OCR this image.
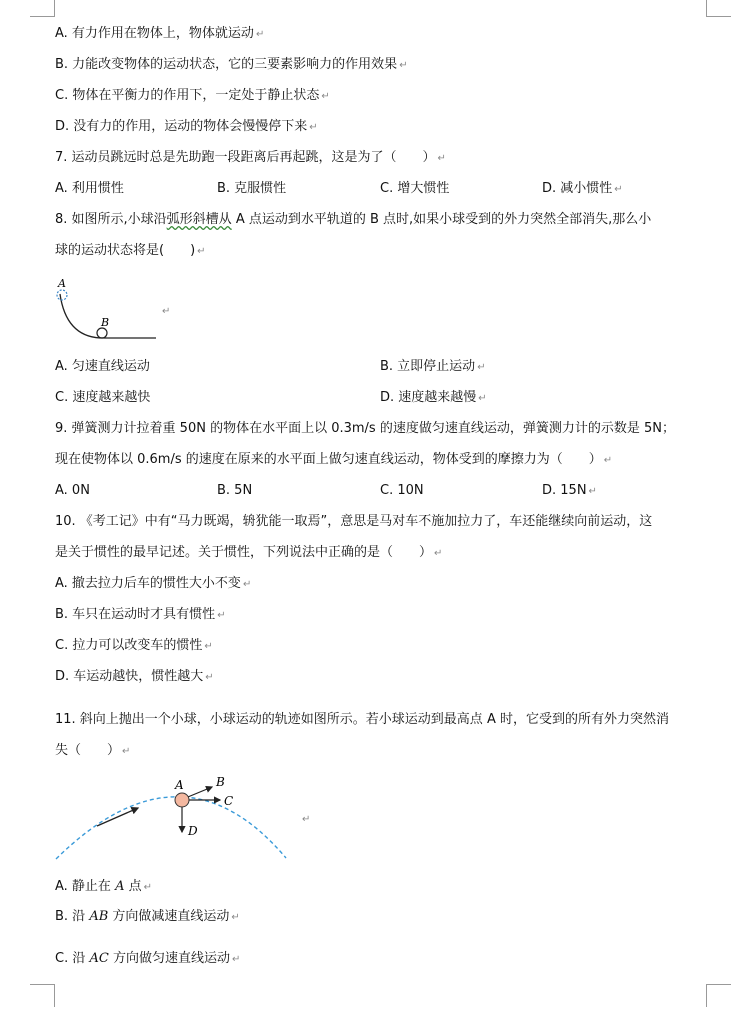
A. 有力作用在物体上，物体就运动 ↵
B. 力能改变物体的运动状态，它的三要素影响力的作用效果 ↵
C. 物体在平衡力的作用下，一定处于静止状态 ↵
D. 没有力的作用，运动的物体会慢慢停下来 ↵
7. 运动员跳远时总是先助跑一段距离后再起跳，这是为了（　　） ↵
A. 利用惯性	B. 克服惯性	C. 增大惯性	D. 减小惯性 ↵
8. 如图所示,小球沿弧形斜槽从 A 点运动到水平轨道的 B 点时,如果小球受到的外力突然全部消失,那么小
球的运动状态将是(　　) ↵
A
B
↵
A. 匀速直线运动	B. 立即停止运动 ↵
C. 速度越来越快	D. 速度越来越慢 ↵
9. 弹簧测力计拉着重 50N 的物体在水平面上以 0.3m/s 的速度做匀速直线运动，弹簧测力计的示数是 5N；
现在使物体以 0.6m/s 的速度在原来的水平面上做匀速直线运动，物体受到的摩擦力为（　　） ↵
A. 0N	B. 5N	C. 10N	D. 15N ↵
10. 《考工记》中有“马力既竭，辀犹能一取焉”，意思是马对车不施加拉力了，车还能继续向前运动，这
是关于惯性的最早记述。关于惯性，下列说法中正确的是（　　） ↵
A. 撤去拉力后车的惯性大小不变 ↵
B. 车只在运动时才具有惯性 ↵
C. 拉力可以改变车的惯性 ↵
D. 车运动越快，惯性越大 ↵
11. 斜向上抛出一个小球，小球运动的轨迹如图所示。若小球运动到最高点 A 时，它受到的所有外力突然消
失（　　） ↵
A	B
C
D
↵
A. 静止在 A 点 ↵
B. 沿 AB 方向做减速直线运动 ↵
C. 沿 AC 方向做匀速直线运动 ↵
